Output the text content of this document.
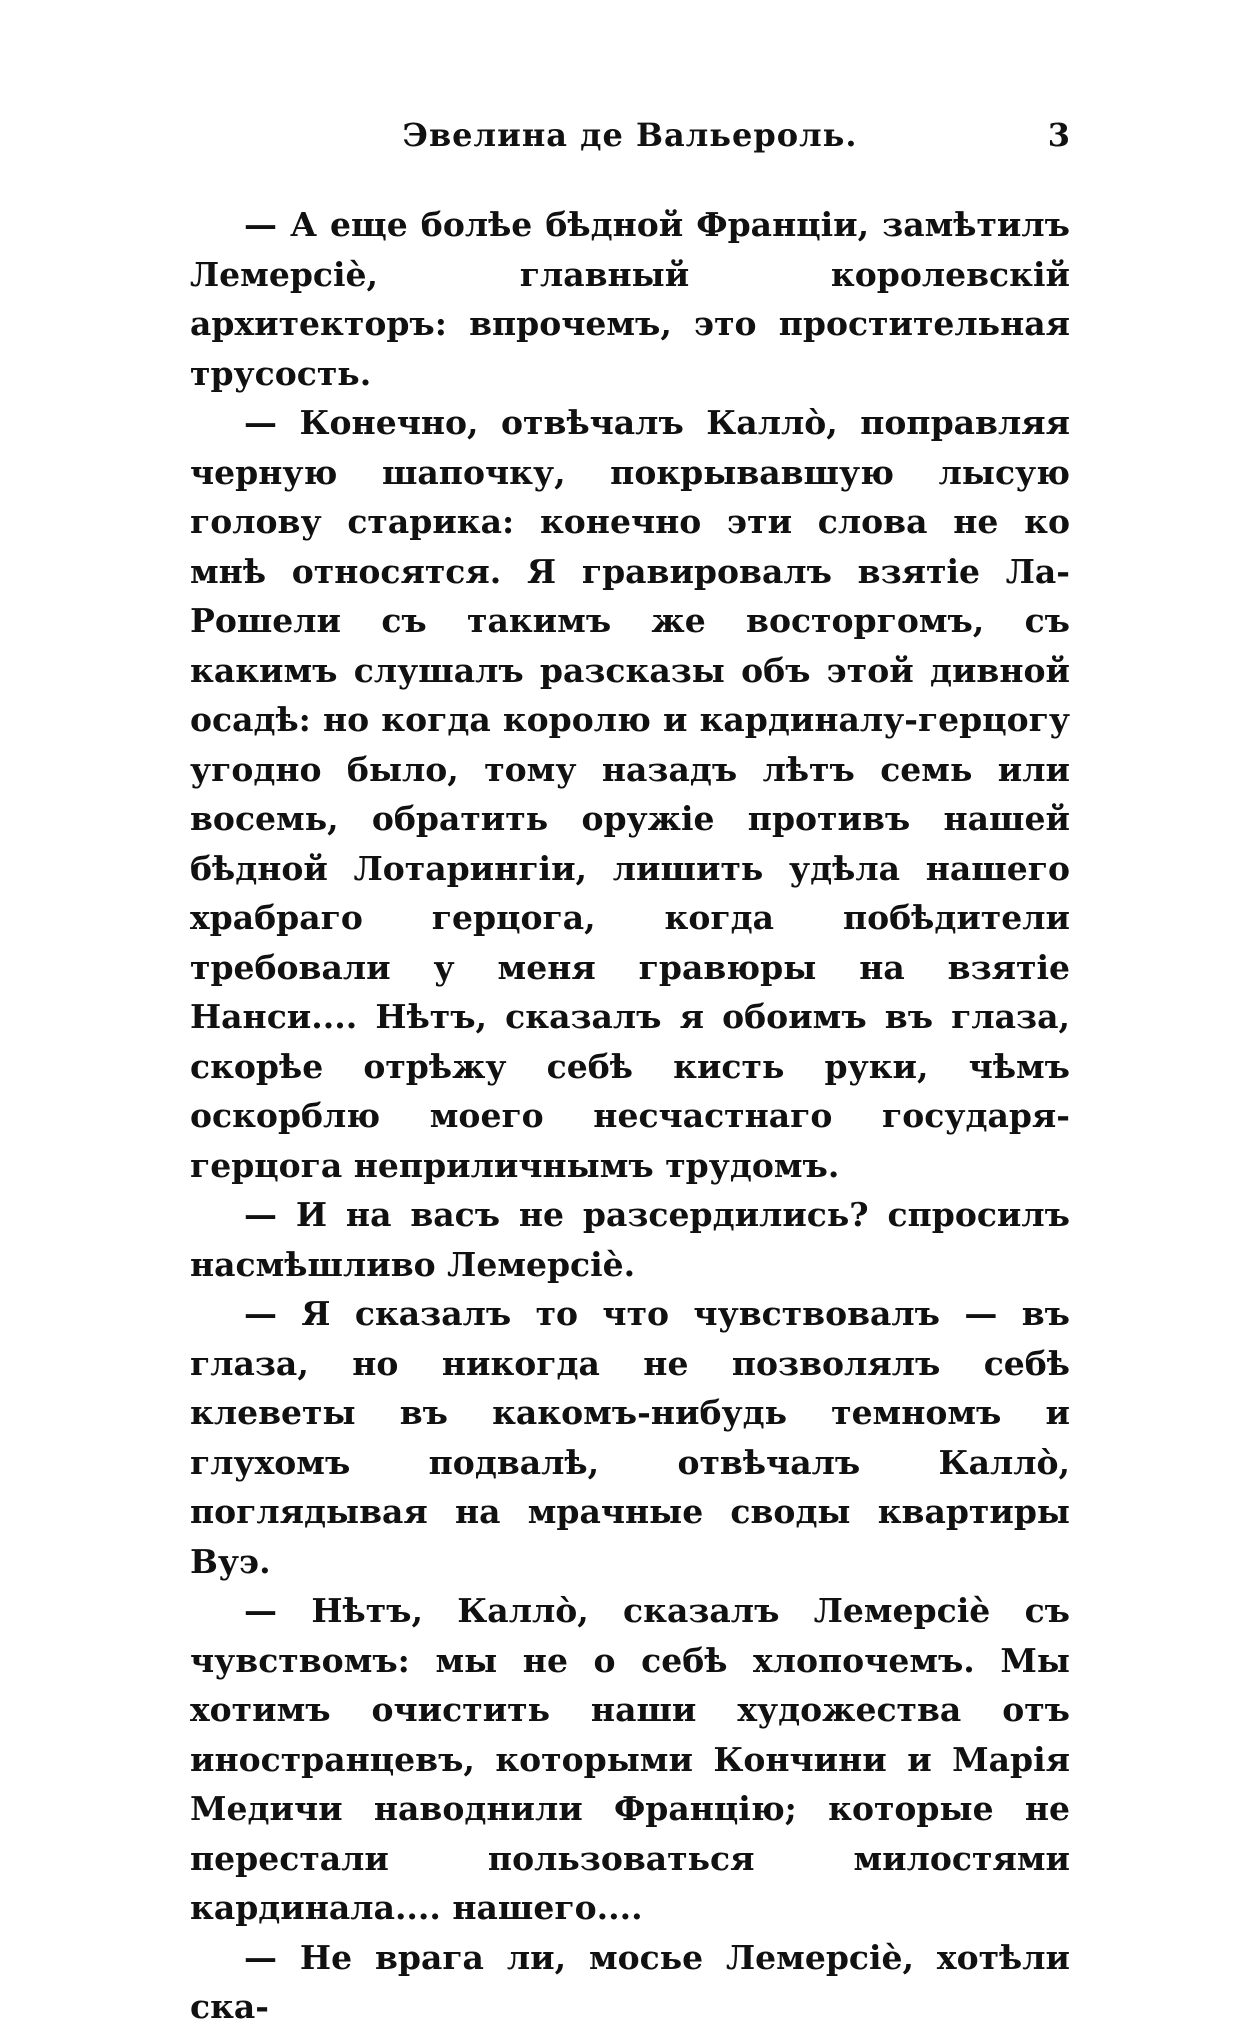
Эвелина де Вальероль.	3

— А еще болѣе бѣдной Франціи, замѣтилъ Лемерсіè, главный королевскій архитекторъ: впрочемъ, это простительная трусость.

— Конечно, отвѣчалъ Калло̀, поправляя черную шапочку, покрывавшую лысую голову старика: конечно эти слова не ко мнѣ относятся. Я гравировалъ взятіе Ла-Рошели съ такимъ же восторгомъ, съ какимъ слушалъ разсказы объ этой дивной осадѣ: но когда королю и кардиналу-герцогу угодно было, тому назадъ лѣтъ семь или восемь, обратить оружіе противъ нашей бѣдной Лотарингіи, лишить удѣла нашего храбраго герцога, когда побѣдители требовали у меня гравюры на взятіе Нанси.... Нѣтъ, сказалъ я обоимъ въ глаза, скорѣе отрѣжу себѣ кисть руки, чѣмъ оскорблю моего несчастнаго государя-герцога неприличнымъ трудомъ.

— И на васъ не разсердились? спросилъ насмѣшливо Лемерсіè.

— Я сказалъ то что чувствовалъ — въ глаза, но никогда не позволялъ себѣ клеветы въ какомъ-нибудь темномъ и глухомъ подвалѣ, отвѣчалъ Калло̀, поглядывая на мрачные своды квартиры Вуэ.

— Нѣтъ, Калло̀, сказалъ Лемерсіè съ чувствомъ: мы не о себѣ хлопочемъ. Мы хотимъ очистить наши художества отъ иностранцевъ, которыми Кончини и Марія Медичи наводнили Францію; которые не перестали пользоваться милостями кардинала.... нашего....

— Не врага ли, мосье Лемерсіè, хотѣли ска-
